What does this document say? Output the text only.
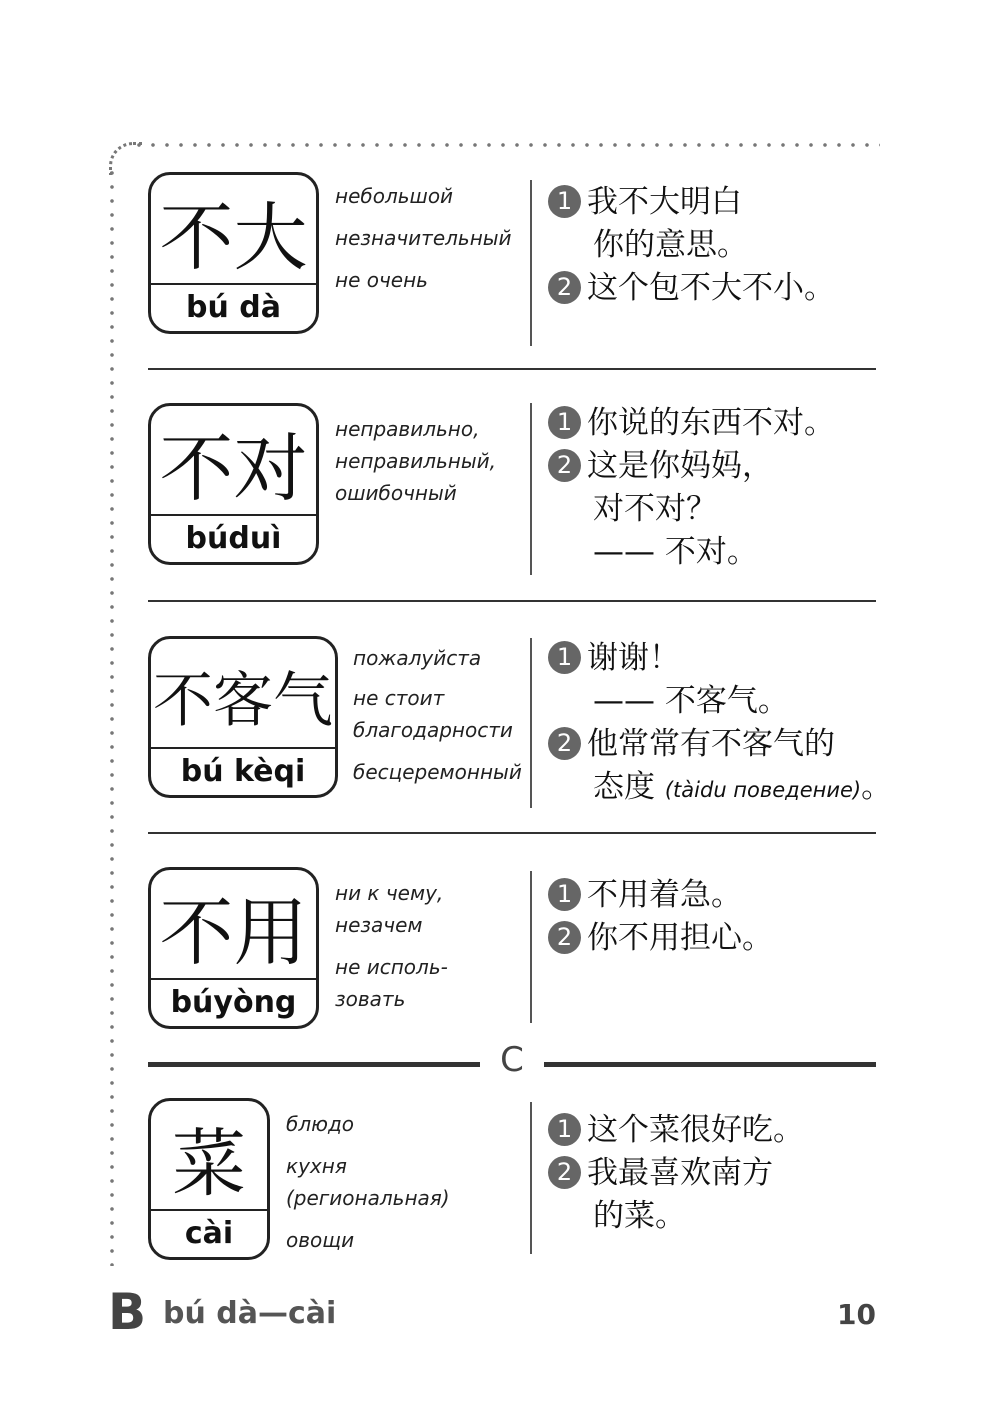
不大
bú dà
небольшой
незначительный
не очень
1 我不大明白
你的意思。
2 这个包不大不小。
不对
búduì
неправильно,
неправильный,
ошибочный
1 你说的东西不对。
2 这是你妈妈，
对不对？
—— 不对。
不客气
bú kèqi
пожалуйста
не стоит
благодарности
бесцеремонный
1 谢谢！
—— 不客气。
2 他常常有不客气的
态度 (tàidu поведение)。
不用
búyòng
ни к чему,
незачем
не исполь-
зовать
1 不用着急。
2 你不用担心。
C
菜
cài
блюдо
кухня
(региональная)
овощи
1 这个菜很好吃。
2 我最喜欢南方
的菜。
B bú dà—cài	10
